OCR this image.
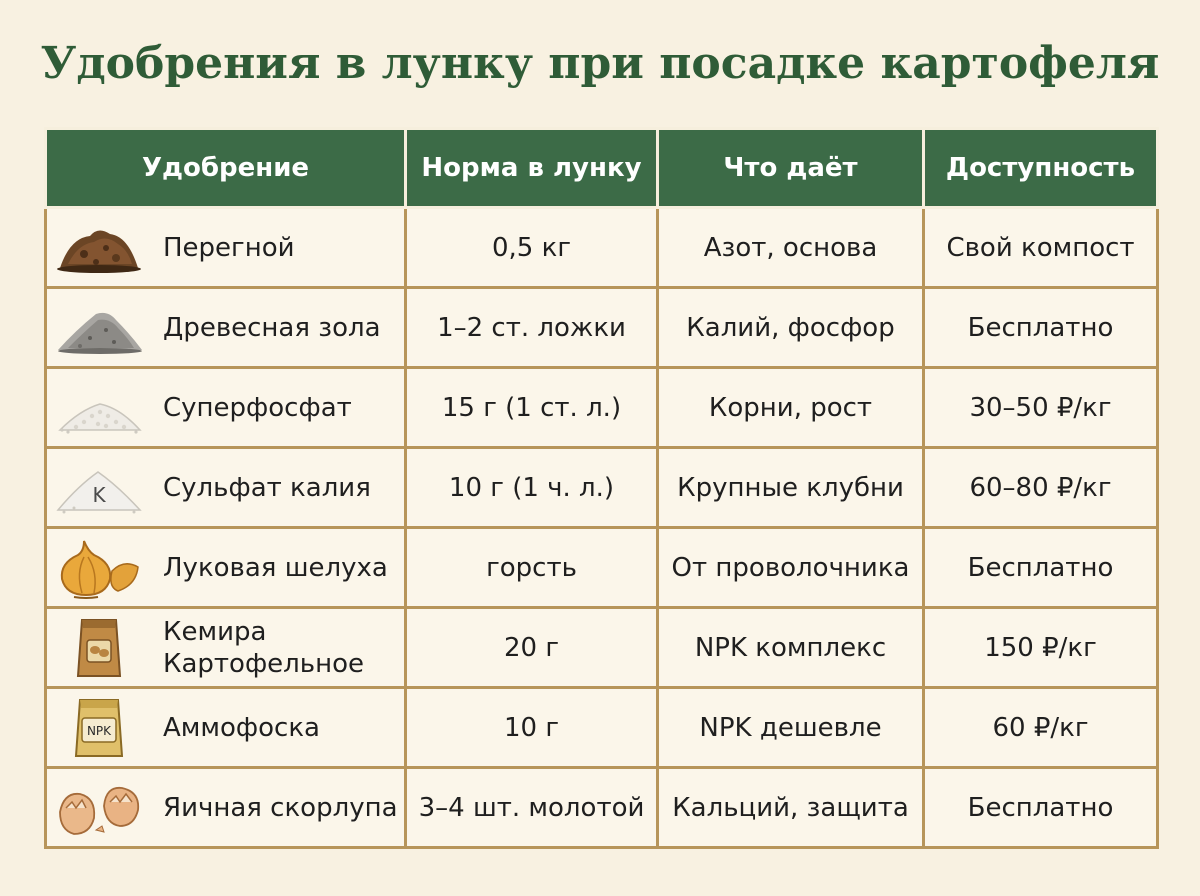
Удобрения в лунку при посадке картофеля
Удобрение	Норма в лунку	Что даёт	Доступность

Перегной	0,5 кг	Азот, основа	Свой компост

Древесная зола	1–2 ст. ложки	Калий, фосфор	Бесплатно

Суперфосфат	15 г (1 ст. л.)	Корни, рост	30–50 ₽/кг

K Сульфат калия	10 г (1 ч. л.)	Крупные клубни	60–80 ₽/кг

Луковая шелуха	горсть	От проволочника	Бесплатно

Кемира
Картофельное	20 г	NPK комплекс	150 ₽/кг

NPK Аммофоска	10 г	NPK дешевле	60 ₽/кг

Яичная скорлупа	3–4 шт. молотой	Кальций, защита	Бесплатно
